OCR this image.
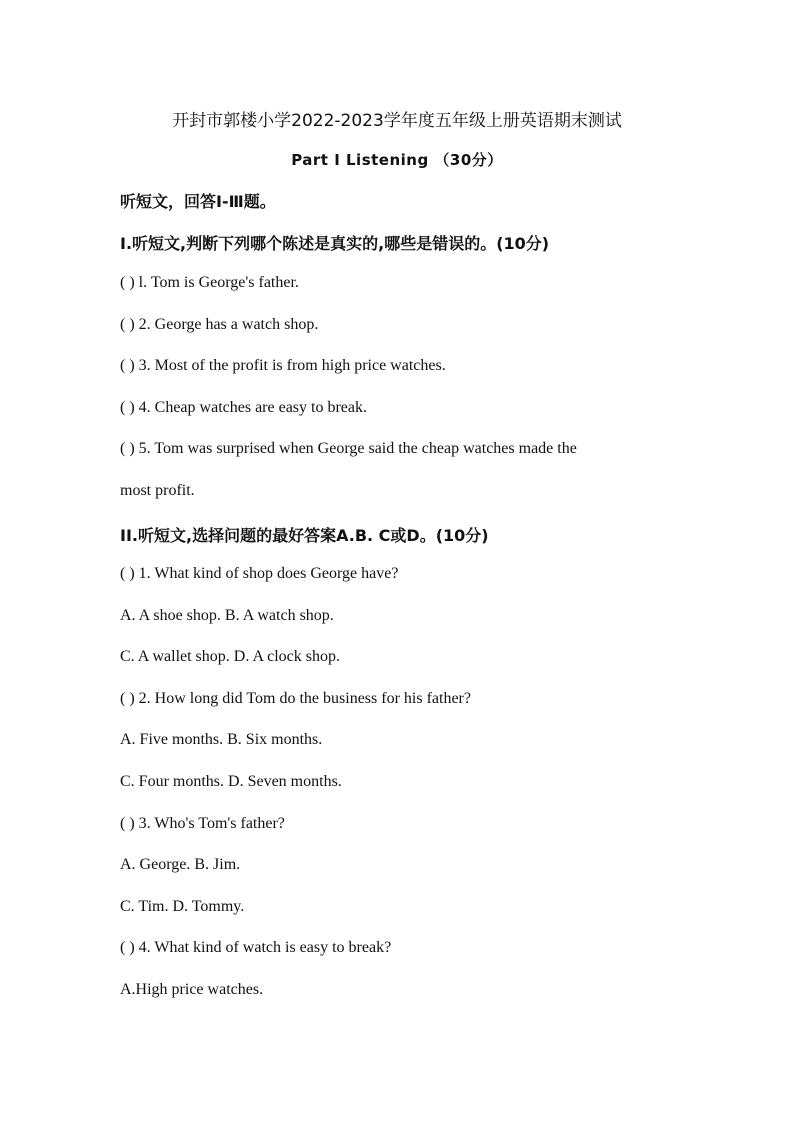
开封市郭楼小学2022-2023学年度五年级上册英语期末测试
Part I Listening （30分）
听短文，回答Ⅰ-Ⅲ题。
I.听短文,判断下列哪个陈述是真实的,哪些是错误的。(10分)
( ) l. Tom is George's father.
( ) 2. George has a watch shop.
( ) 3. Most of the profit is from high price watches.
( ) 4. Cheap watches are easy to break.
( ) 5. Tom was surprised when George said the cheap watches made the
most profit.
II.听短文,选择问题的最好答案A.B. C或D。(10分)
( ) 1. What kind of shop does George have?
A. A shoe shop. B. A watch shop.
C. A wallet shop. D. A clock shop.
( ) 2. How long did Tom do the business for his father?
A. Five months. B. Six months.
C. Four months. D. Seven months.
( ) 3. Who's Tom's father?
A. George. B. Jim.
C. Tim. D. Tommy.
( ) 4. What kind of watch is easy to break?
A.High price watches.
